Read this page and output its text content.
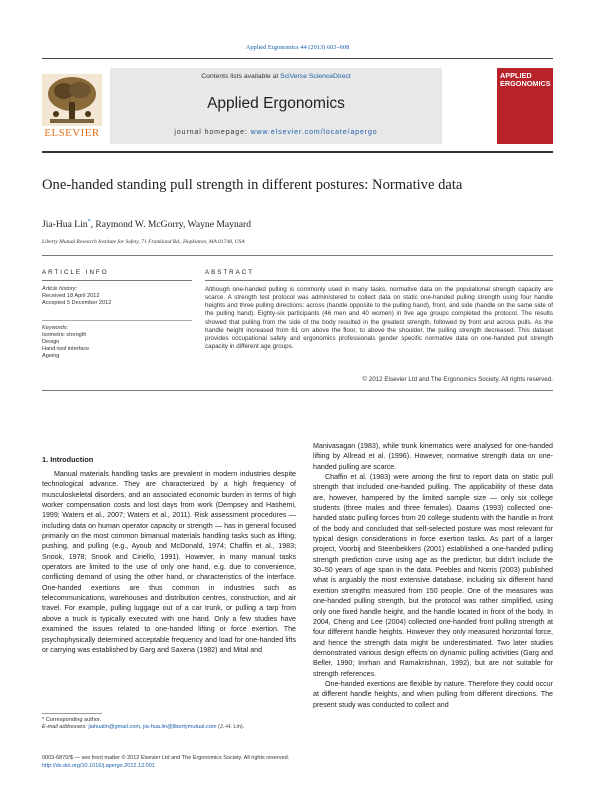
Applied Ergonomics 44 (2013) 603–608
Contents lists available at SciVerse ScienceDirect
Applied Ergonomics
journal homepage: www.elsevier.com/locate/apergo
ELSEVIER
APPLIED ERGONOMICS
One-handed standing pull strength in different postures: Normative data
Jia-Hua Lin*, Raymond W. McGorry, Wayne Maynard
Liberty Mutual Research Institute for Safety, 71 Frankland Rd., Hopkinton, MA 01748, USA
ARTICLE INFO
Article history:
Received 18 April 2012
Accepted 5 December 2012
Keywords:
Isometric strength
Design
Hand-tool interface
Ageing
ABSTRACT
Although one-handed pulling is commonly used in many tasks, normative data on the populational strength capacity are scarce. A strength test protocol was administered to collect data on static one-handed pulling strength using four handle heights and three pulling directions: across (handle opposite to the pulling hand), front, and side (handle on the same side of the pulling hand). Eighty-six participants (46 men and 40 women) in five age groups completed the protocol. The results showed that pulling from the side of the body resulted in the greatest strength, followed by front and across pulls. As the handle height increased from 61 cm above the floor, to above the shoulder, the pulling strength decreased. This dataset provides occupational safety and ergonomics professionals gender specific normative data on one-handed pull strength capacity in different age groups.
© 2012 Elsevier Ltd and The Ergonomics Society. All rights reserved.
1. Introduction

Manual materials handling tasks are prevalent in modern industries despite technological advance. They are characterized by a high frequency of musculoskeletal disorders, and an associated economic burden in terms of high worker compensation costs and lost days from work (Dempsey and Hashemi, 1999; Waters et al., 2007; Waters et al., 2011). Risk assessment procedures — including data on human operator capacity or strength — has in general focused primarily on the most common bimanual materials handling tasks such as lifting, pushing, and pulling (e.g., Ayoub and McDonald, 1974; Chaffin et al., 1983; Snook, 1978; Snook and Ciriello, 1991). However, in many manual tasks operators are limited to the use of only one hand, e.g. due to convenience, conflicting demand of using the other hand, or characteristics of the interface. One-handed exertions are thus common in industries such as telecommunications, warehouses and distribution centres, construction, and air travel. For example, pulling luggage out of a car trunk, or pulling a tarp from above a truck is typically executed with one hand. Only a few studies have examined the issues related to one-handed lifting or force exertion. The psychophysically determined acceptable frequency and load for one-handed lifts or carrying was established by Garg and Saxena (1982) and Mital and

Manivasagan (1983), while trunk kinematics were analysed for one-handed lifting by Allread et al. (1996). However, normative strength data on one-handed pulling are scarce.

Chaffin et al. (1983) were among the first to report data on static pull strength that included one-handed pulling. The applicability of these data are, however, hampered by the limited sample size — only six college students (three males and three females). Daams (1993) collected one-handed static pulling forces from 20 college students with the handle in front of the body and concluded that self-selected posture was most relevant for typical design considerations in force exertion tasks. As part of a larger project, Voorbij and Steenbekkers (2001) established a one-handed pulling strength prediction curve using age as the predictor, but didn't include the 30–50 years of age span in the data. Peebles and Norris (2003) published what is arguably the most extensive database, including six different hand exertion strengths measured from 150 people. One of the measures was one-handed pulling strength, but the protocol was rather simplified, using only one fixed handle height, and the handle located in front of the body. In 2004, Cheng and Lee (2004) collected one-handed front pulling strength at four different handle heights. However they only measured horizontal force, and hence the strength data might be underestimated. Two later studies demonstrated various design effects on dynamic pulling activities (Garg and Beller, 1990; Imrhan and Ramakrishnan, 1992), but are not suitable for strength references.

One-handed exertions are flexible by nature. Therefore they could occur at different handle heights, and when pulling from different directions. The present study was conducted to collect and

* Corresponding author.
E-mail addresses: jiahualin@gmail.com, jia-hua.lin@libertymutual.com (J.-H. Lin).
0003-6870/$ — see front matter © 2012 Elsevier Ltd and The Ergonomics Society. All rights reserved.
http://dx.doi.org/10.1016/j.apergo.2012.12.001
